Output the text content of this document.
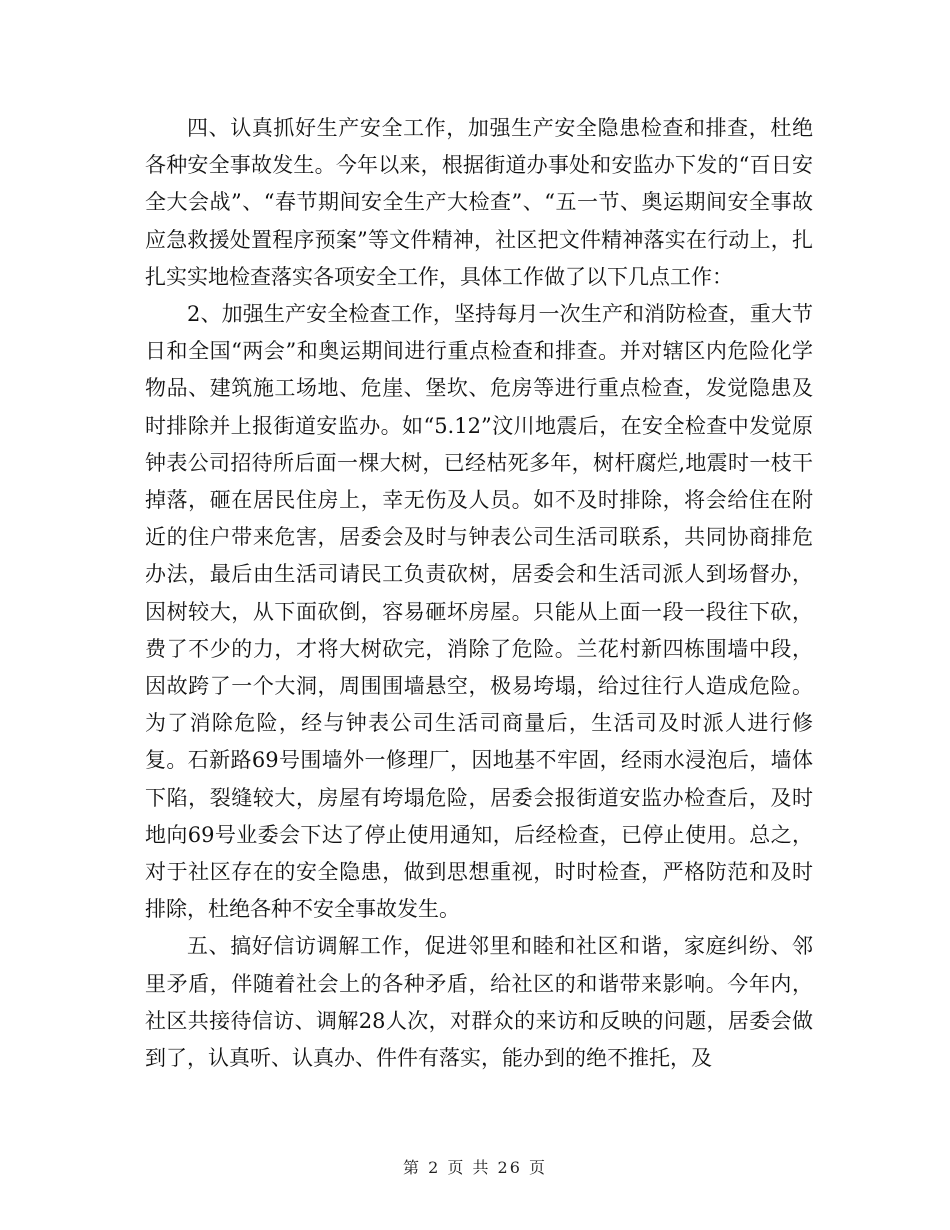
四、认真抓好生产安全工作，加强生产安全隐患检查和排查，杜绝各种安全事故发生。今年以来，根据街道办事处和安监办下发的“百日安全大会战”、“春节期间安全生产大检查”、“五一节、奥运期间安全事故应急救援处置程序预案”等文件精神，社区把文件精神落实在行动上，扎扎实实地检查落实各项安全工作，具体工作做了以下几点工作：

2、加强生产安全检查工作，坚持每月一次生产和消防检查，重大节日和全国“两会”和奥运期间进行重点检查和排查。并对辖区内危险化学物品、建筑施工场地、危崖、堡坎、危房等进行重点检查，发觉隐患及时排除并上报街道安监办。如“5.12”汶川地震后，在安全检查中发觉原钟表公司招待所后面一棵大树，已经枯死多年，树杆腐烂,地震时一枝干掉落，砸在居民住房上，幸无伤及人员。如不及时排除，将会给住在附近的住户带来危害，居委会及时与钟表公司生活司联系，共同协商排危办法，最后由生活司请民工负责砍树，居委会和生活司派人到场督办，因树较大，从下面砍倒，容易砸坏房屋。只能从上面一段一段往下砍，费了不少的力，才将大树砍完，消除了危险。兰花村新四栋围墙中段，因故跨了一个大洞，周围围墙悬空，极易垮塌，给过往行人造成危险。为了消除危险，经与钟表公司生活司商量后，生活司及时派人进行修复。石新路69号围墙外一修理厂，因地基不牢固，经雨水浸泡后，墙体下陷，裂缝较大，房屋有垮塌危险，居委会报街道安监办检查后，及时地向69号业委会下达了停止使用通知，后经检查，已停止使用。总之，对于社区存在的安全隐患，做到思想重视，时时检查，严格防范和及时排除，杜绝各种不安全事故发生。

五、搞好信访调解工作，促进邻里和睦和社区和谐，家庭纠纷、邻里矛盾，伴随着社会上的各种矛盾，给社区的和谐带来影响。今年内，社区共接待信访、调解28人次，对群众的来访和反映的问题，居委会做到了，认真听、认真办、件件有落实，能办到的绝不推托，及

第 2 页 共 26 页
